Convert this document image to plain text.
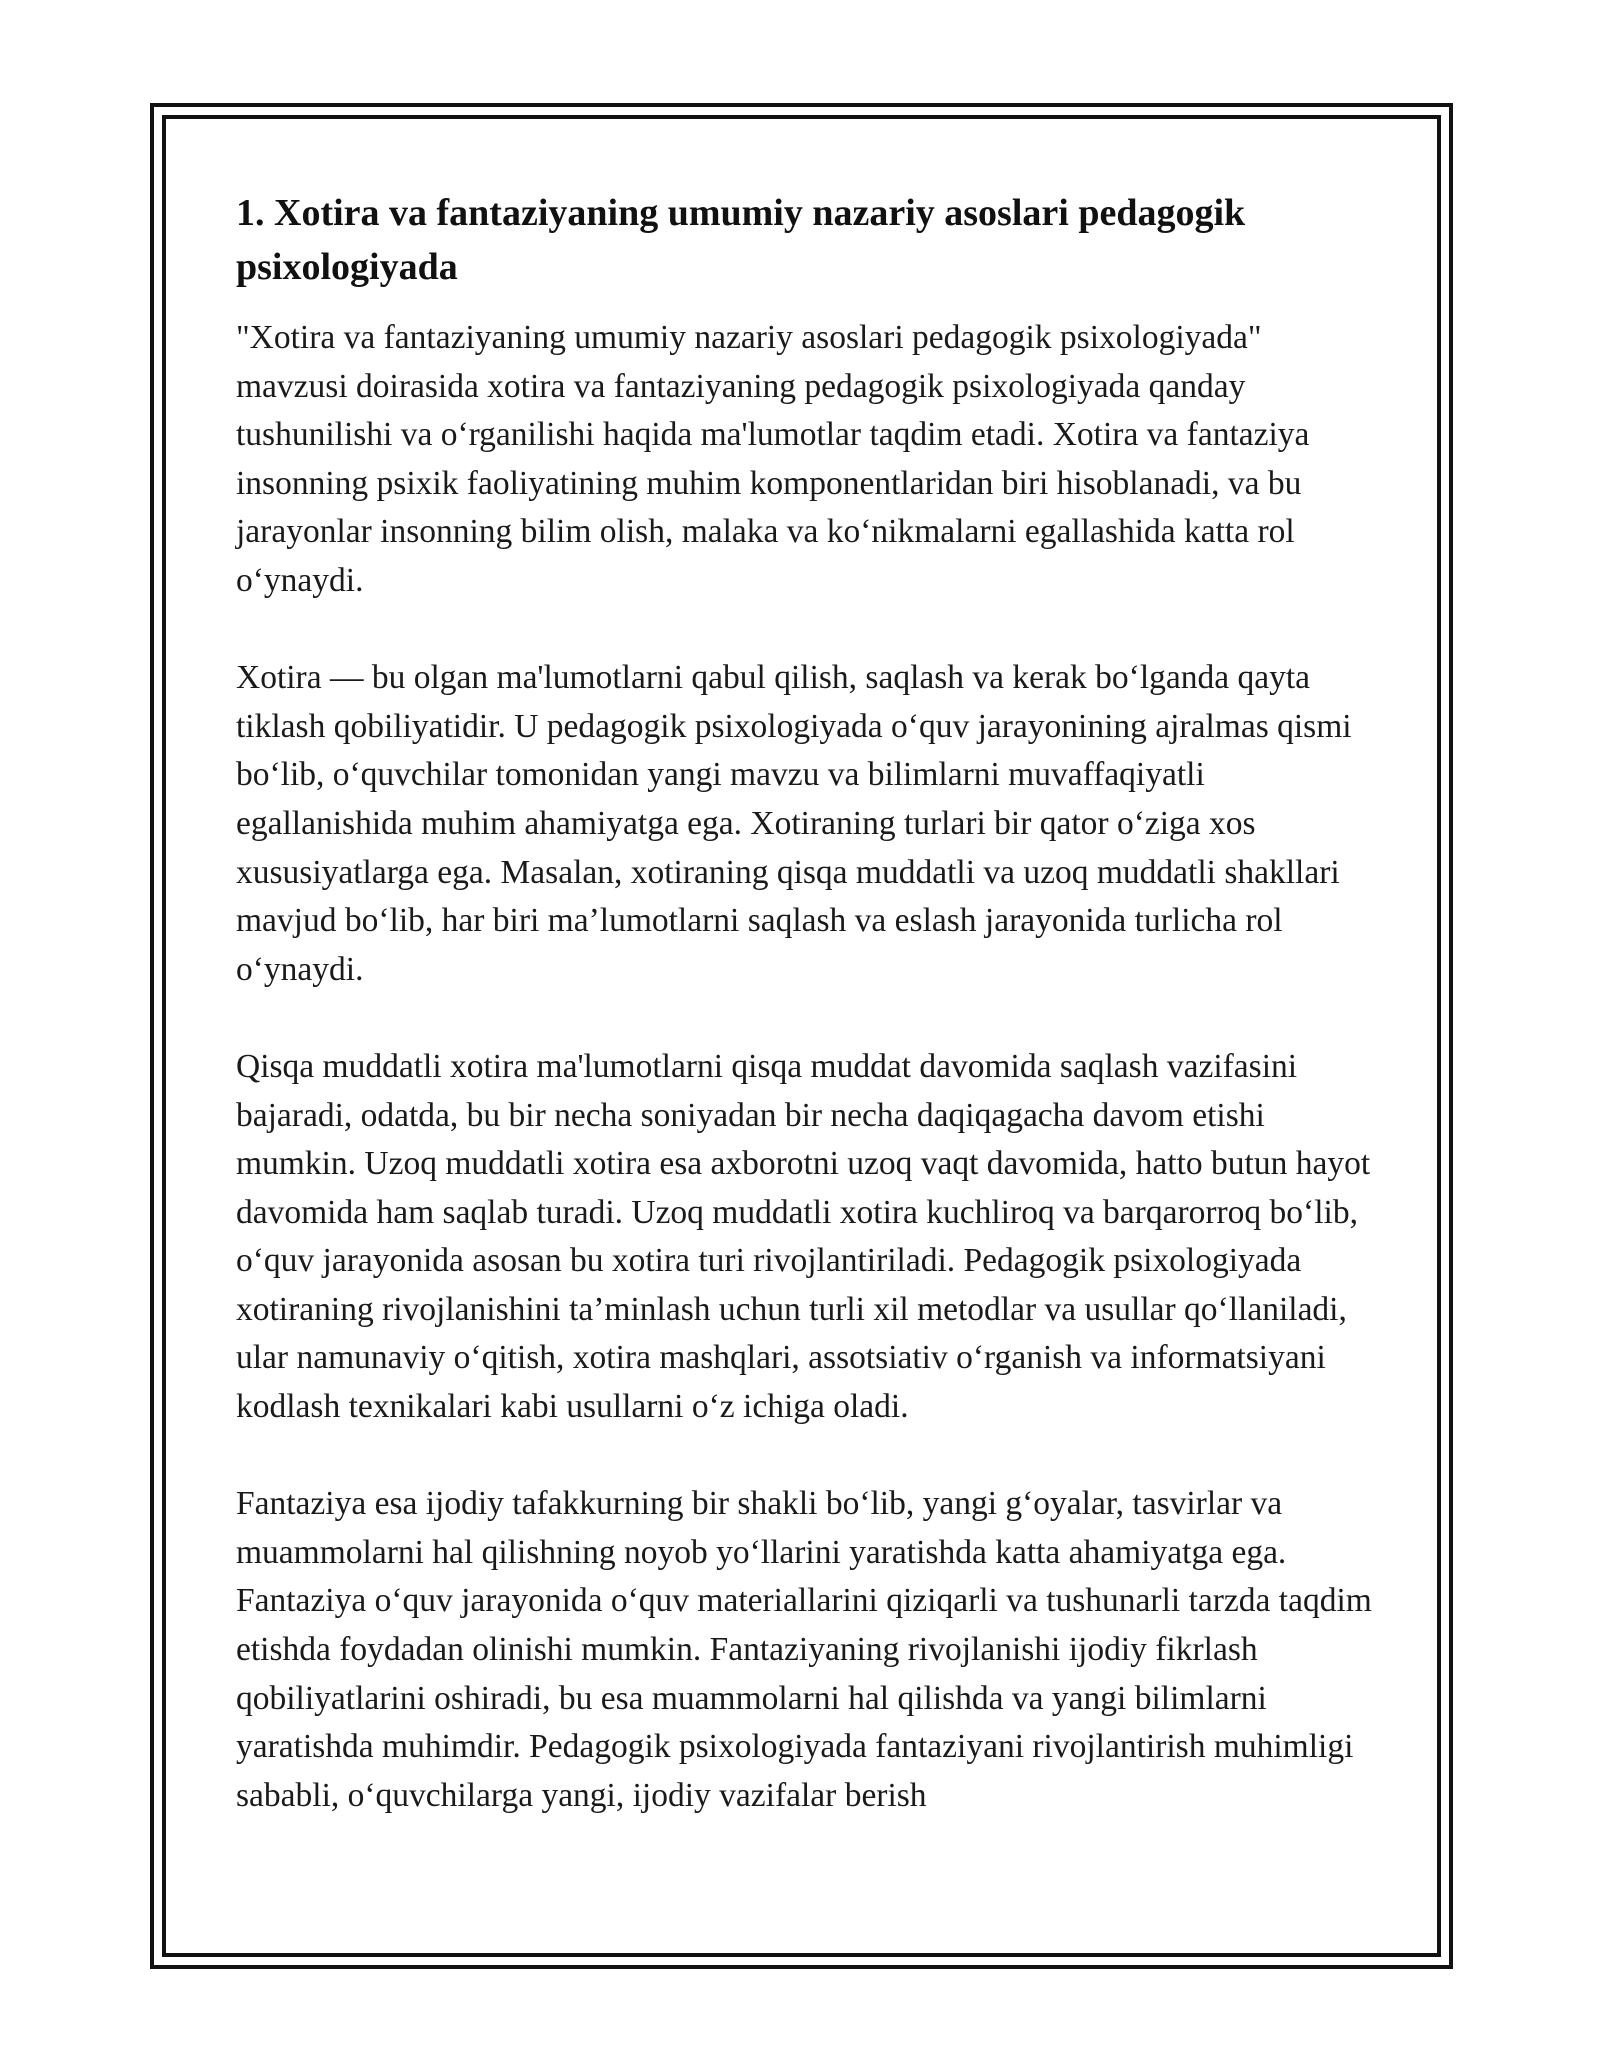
1. Xotira va fantaziyaning umumiy nazariy asoslari pedagogik psixologiyada

"Xotira va fantaziyaning umumiy nazariy asoslari pedagogik psixologiyada" mavzusi doirasida xotira va fantaziyaning pedagogik psixologiyada qanday tushunilishi va o‘rganilishi haqida ma'lumotlar taqdim etadi. Xotira va fantaziya insonning psixik faoliyatining muhim komponentlaridan biri hisoblanadi, va bu jarayonlar insonning bilim olish, malaka va ko‘nikmalarni egallashida katta rol o‘ynaydi.

Xotira — bu olgan ma'lumotlarni qabul qilish, saqlash va kerak bo‘lganda qayta tiklash qobiliyatidir. U pedagogik psixologiyada o‘quv jarayonining ajralmas qismi bo‘lib, o‘quvchilar tomonidan yangi mavzu va bilimlarni muvaffaqiyatli egallanishida muhim ahamiyatga ega. Xotiraning turlari bir qator o‘ziga xos xususiyatlarga ega. Masalan, xotiraning qisqa muddatli va uzoq muddatli shakllari mavjud bo‘lib, har biri ma’lumotlarni saqlash va eslash jarayonida turlicha rol o‘ynaydi.

Qisqa muddatli xotira ma'lumotlarni qisqa muddat davomida saqlash vazifasini bajaradi, odatda, bu bir necha soniyadan bir necha daqiqagacha davom etishi mumkin. Uzoq muddatli xotira esa axborotni uzoq vaqt davomida, hatto butun hayot davomida ham saqlab turadi. Uzoq muddatli xotira kuchliroq va barqarorroq bo‘lib, o‘quv jarayonida asosan bu xotira turi rivojlantiriladi. Pedagogik psixologiyada xotiraning rivojlanishini ta’minlash uchun turli xil metodlar va usullar qo‘llaniladi, ular namunaviy o‘qitish, xotira mashqlari, assotsiativ o‘rganish va informatsiyani kodlash texnikalari kabi usullarni o‘z ichiga oladi.

Fantaziya esa ijodiy tafakkurning bir shakli bo‘lib, yangi g‘oyalar, tasvirlar va muammolarni hal qilishning noyob yo‘llarini yaratishda katta ahamiyatga ega. Fantaziya o‘quv jarayonida o‘quv materiallarini qiziqarli va tushunarli tarzda taqdim etishda foydadan olinishi mumkin. Fantaziyaning rivojlanishi ijodiy fikrlash qobiliyatlarini oshiradi, bu esa muammolarni hal qilishda va yangi bilimlarni yaratishda muhimdir. Pedagogik psixologiyada fantaziyani rivojlantirish muhimligi sababli, o‘quvchilarga yangi, ijodiy vazifalar berish
